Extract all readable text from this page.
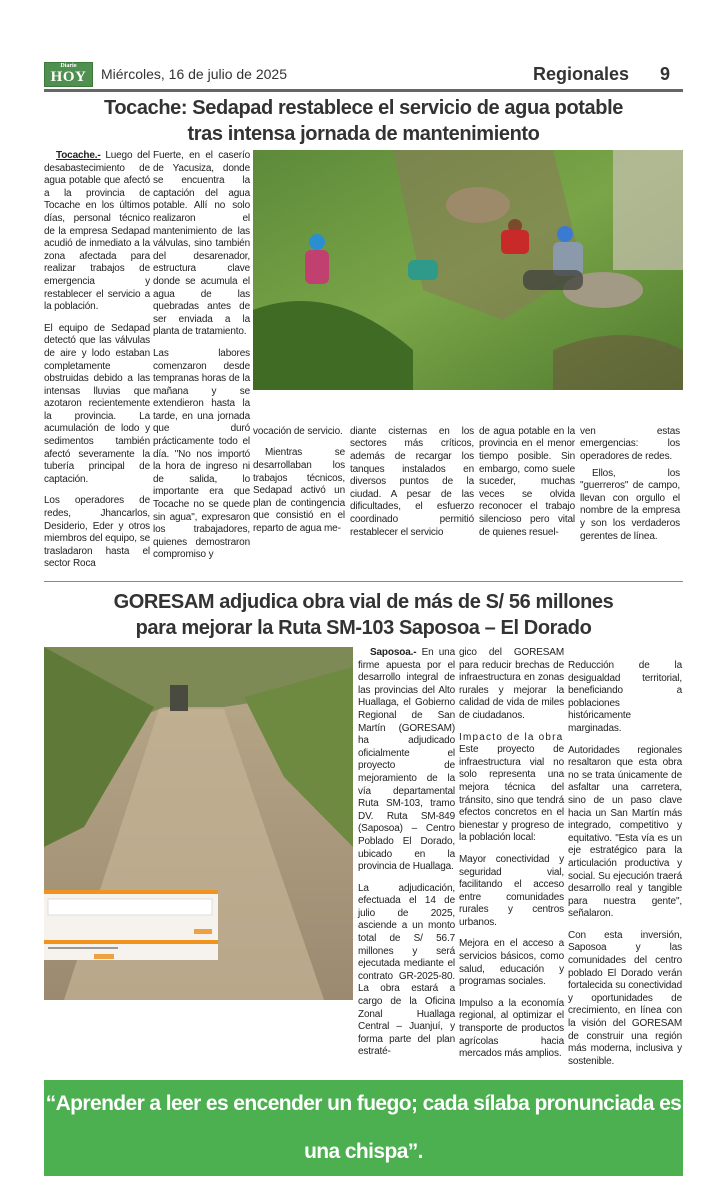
Diario
HOY	Miércoles, 16 de julio de 2025	Regionales 9
Tocache: Sedapad restablece el servicio de agua potable
tras intensa jornada de mantenimiento

Tocache.- Luego del desabastecimiento de agua potable que afectó a la provincia de Tocache en los últimos días, personal técnico de la empresa Sedapad acudió de inmediato a la zona afectada para realizar trabajos de emergencia y restablecer el servicio a la población.

El equipo de Sedapad detectó que las válvulas de aire y lodo estaban completamente obstruidas debido a las intensas lluvias que azotaron recientemente la provincia. La acumulación de lodo y sedimentos también afectó severamente la tubería principal de captación.

Los operadores de redes, Jhancarlos, Desiderio, Eder y otros miembros del equipo, se trasladaron hasta el sector Roca

Fuerte, en el caserío de Yacusiza, donde se encuentra la captación del agua potable. Allí no solo realizaron el mantenimiento de las válvulas, sino también del desarenador, estructura clave donde se acumula el agua de las quebradas antes de ser enviada a la planta de tratamiento.

Las labores comenzaron desde tempranas horas de la mañana y se extendieron hasta la tarde, en una jornada que duró prácticamente todo el día. "No nos importó la hora de ingreso ni de salida, lo importante era que Tocache no se quede sin agua", expresaron los trabajadores, quienes demostraron compromiso y

vocación de servicio.

Mientras se desarrollaban los trabajos técnicos, Sedapad activó un plan de contingencia que consistió en el reparto de agua me-

diante cisternas en los sectores más críticos, además de recargar los tanques instalados en diversos puntos de la ciudad. A pesar de las dificultades, el esfuerzo coordinado permitió restablecer el servicio

de agua potable en la provincia en el menor tiempo posible. Sin embargo, como suele suceder, muchas veces se olvida reconocer el trabajo silencioso pero vital de quienes resuel-

ven estas emergencias: los operadores de redes.

Ellos, los "guerreros" de campo, llevan con orgullo el nombre de la empresa y son los verdaderos gerentes de línea.

GORESAM adjudica obra vial de más de S/ 56 millones
para mejorar la Ruta SM-103 Saposoa – El Dorado

Saposoa.- En una firme apuesta por el desarrollo integral de las provincias del Alto Huallaga, el Gobierno Regional de San Martín (GORESAM) ha adjudicado oficialmente el proyecto de mejoramiento de la vía departamental Ruta SM-103, tramo DV. Ruta SM-849 (Saposoa) – Centro Poblado El Dorado, ubicado en la provincia de Huallaga.

La adjudicación, efectuada el 14 de julio de 2025, asciende a un monto total de S/ 56.7 millones y será ejecutada mediante el contrato GR-2025-80. La obra estará a cargo de la Oficina Zonal Huallaga Central – Juanjuí, y forma parte del plan estraté-

gico del GORESAM para reducir brechas de infraestructura en zonas rurales y mejorar la calidad de vida de miles de ciudadanos.

Impacto de la obra
Este proyecto de infraestructura vial no solo representa una mejora técnica del tránsito, sino que tendrá efectos concretos en el bienestar y progreso de la población local:

Mayor conectividad y seguridad vial, facilitando el acceso entre comunidades rurales y centros urbanos.

Mejora en el acceso a servicios básicos, como salud, educación y programas sociales.

Impulso a la economía regional, al optimizar el transporte de productos agrícolas hacia mercados más amplios.

Reducción de la desigualdad territorial, beneficiando a poblaciones históricamente marginadas.

Autoridades regionales resaltaron que esta obra no se trata únicamente de asfaltar una carretera, sino de un paso clave hacia un San Martín más integrado, competitivo y equitativo. "Esta vía es un eje estratégico para la articulación productiva y social. Su ejecución traerá desarrollo real y tangible para nuestra gente", señalaron.

Con esta inversión, Saposoa y las comunidades del centro poblado El Dorado verán fortalecida su conectividad y oportunidades de crecimiento, en línea con la visión del GORESAM de construir una región más moderna, inclusiva y sostenible.

“Aprender a leer es encender un fuego; cada sílaba pronunciada es una chispa”.
